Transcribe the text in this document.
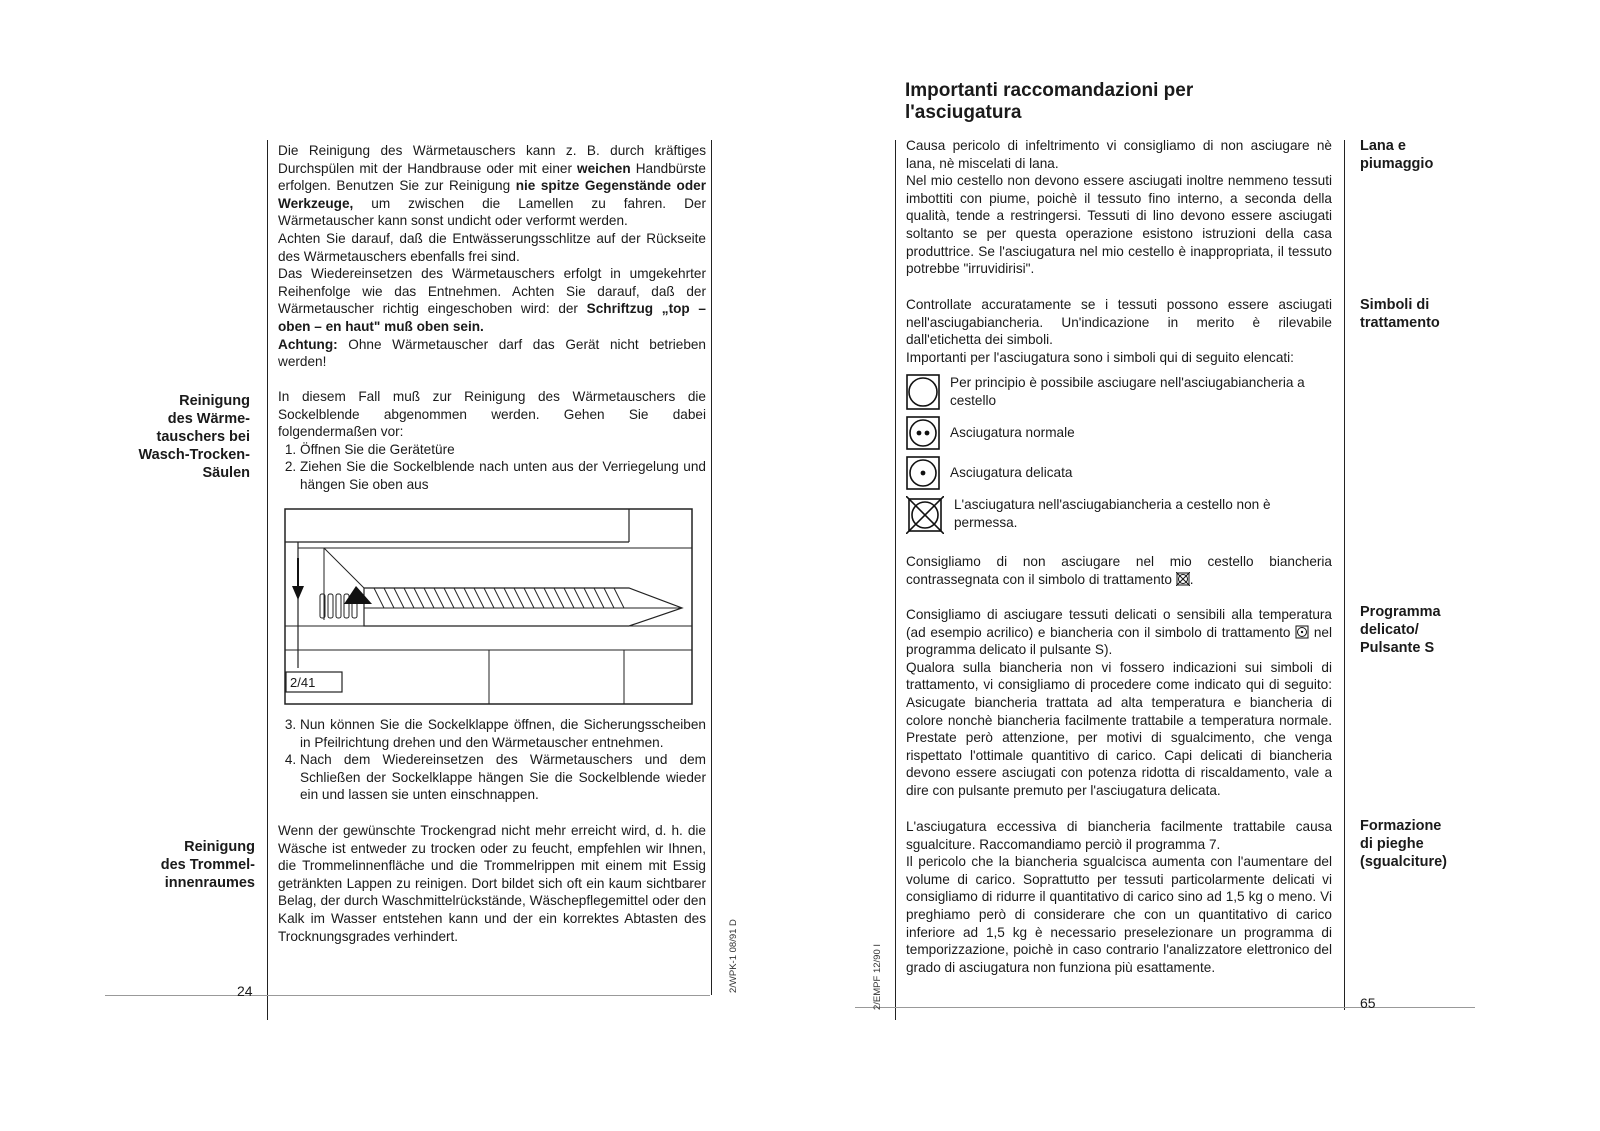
Reinigung
des Wärme-
tauschers bei
Wasch-Trocken-
Säulen
Reinigung
des Trommel-
innenraumes

Die Reinigung des Wärmetauschers kann z. B. durch kräftiges Durchspülen mit der Handbrause oder mit einer weichen Handbürste erfolgen. Benutzen Sie zur Reinigung nie spitze Gegenstände oder Werkzeuge, um zwischen die Lamellen zu fahren. Der Wärmetauscher kann sonst undicht oder verformt werden.

Achten Sie darauf, daß die Entwässerungsschlitze auf der Rückseite des Wärmetauschers ebenfalls frei sind.

Das Wiedereinsetzen des Wärmetauschers erfolgt in umgekehrter Reihenfolge wie das Entnehmen. Achten Sie darauf, daß der Wärmetauscher richtig eingeschoben wird: der Schriftzug „top – oben – en haut" muß oben sein.

Achtung: Ohne Wärmetauscher darf das Gerät nicht betrieben werden!

In diesem Fall muß zur Reinigung des Wärmetauschers die Sockelblende abgenommen werden. Gehen Sie dabei folgendermaßen vor:

1. Öffnen Sie die Gerätetüre
2. Ziehen Sie die Sockelblende nach unten aus der Verriegelung und hängen Sie oben aus
2/41
3. Nun können Sie die Sockelklappe öffnen, die Sicherungsscheiben in Pfeilrichtung drehen und den Wärmetauscher entnehmen.
4. Nach dem Wiedereinsetzen des Wärmetauschers und dem Schließen der Sockelklappe hängen Sie die Sockelblende wieder ein und lassen sie unten einschnappen.

Wenn der gewünschte Trockengrad nicht mehr erreicht wird, d. h. die Wäsche ist entweder zu trocken oder zu feucht, empfehlen wir Ihnen, die Trommelinnenfläche und die Trommelrippen mit einem mit Essig getränkten Lappen zu reinigen. Dort bildet sich oft ein kaum sichtbarer Belag, der durch Waschmittelrückstände, Wäschepflegemittel oder den Kalk im Wasser entstehen kann und der ein korrektes Abtasten des Trocknungsgrades verhindert.

24	2/WPK-1 08/91 D
Importanti raccomandazioni per
l'asciugatura
Lana e
piumaggio
Simboli di
trattamento
Programma
delicato/
Pulsante S
Formazione
di pieghe
(sgualciture)

Causa pericolo di infeltrimento vi consigliamo di non asciugare nè lana, nè miscelati di lana.

Nel mio cestello non devono essere asciugati inoltre nemmeno tessuti imbottiti con piume, poichè il tessuto fino interno, a seconda della qualità, tende a restringersi. Tessuti di lino devono essere asciugati soltanto se per questa operazione esistono istruzioni della casa produttrice. Se l'asciugatura nel mio cestello è inappropriata, il tessuto potrebbe "irruvidirisi".

Controllate accuratamente se i tessuti possono essere asciugati nell'asciugabiancheria. Un'indicazione in merito è rilevabile dall'etichetta dei simboli.

Importanti per l'asciugatura sono i simboli qui di seguito elencati:

Per principio è possibile asciugare nell'asciugabiancheria a cestello
Asciugatura normale
Asciugatura delicata
L'asciugatura nell'asciugabiancheria a cestello non è permessa.

Consigliamo di non asciugare nel mio cestello biancheria contrassegnata con il simbolo di trattamento .

Consigliamo di asciugare tessuti delicati o sensibili alla temperatura (ad esempio acrilico) e biancheria con il simbolo di trattamento nel programma delicato il pulsante S).

Qualora sulla biancheria non vi fossero indicazioni sui simboli di trattamento, vi consigliamo di procedere come indicato qui di seguito: Asicugate biancheria trattata ad alta temperatura e biancheria di colore nonchè biancheria facilmente trattabile a temperatura normale. Prestate però attenzione, per motivi di sgualcimento, che venga rispettato l'ottimale quantitivo di carico. Capi delicati di biancheria devono essere asciugati con potenza ridotta di riscaldamento, vale a dire con pulsante premuto per l'asciugatura delicata.

L'asciugatura eccessiva di biancheria facilmente trattabile causa sgualciture. Raccomandiamo perciò il programma 7.

Il pericolo che la biancheria sgualcisca aumenta con l'aumentare del volume di carico. Soprattutto per tessuti particolarmente delicati vi consigliamo di ridurre il quantitativo di carico sino ad 1,5 kg o meno. Vi preghiamo però di considerare che con un quantitativo di carico inferiore ad 1,5 kg è necessario preselezionare un programma di temporizzazione, poichè in caso contrario l'analizzatore elettronico del grado di asciugatura non funziona più esattamente.

65
2/EMPF 12/90 I
